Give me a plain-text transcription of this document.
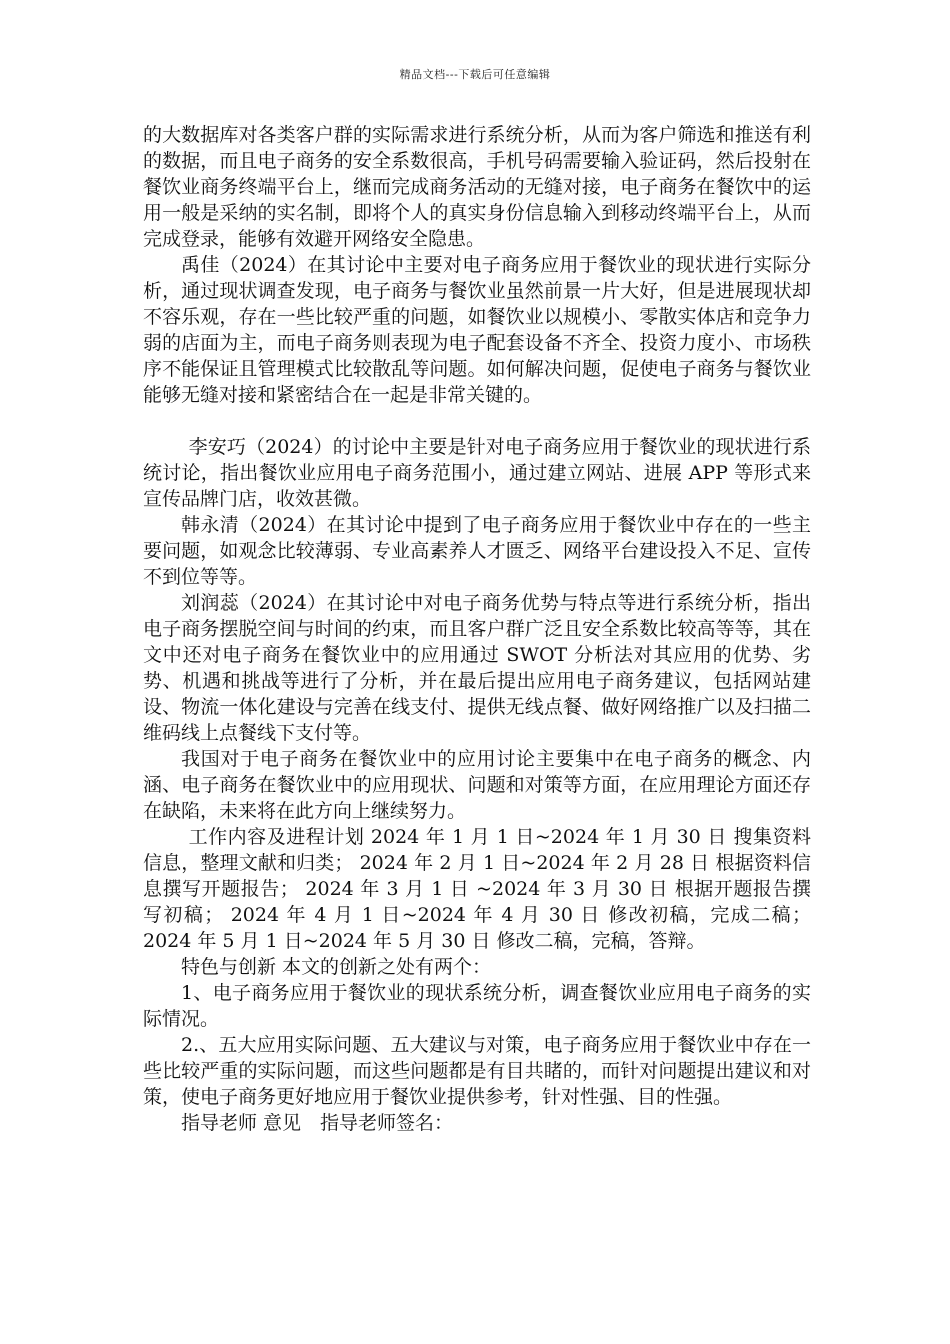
精品文档---下载后可任意编辑

的大数据库对各类客户群的实际需求进行系统分析，从而为客户筛选和推送有利的数据，而且电子商务的安全系数很高，手机号码需要输入验证码，然后投射在餐饮业商务终端平台上，继而完成商务活动的无缝对接，电子商务在餐饮中的运用一般是采纳的实名制，即将个人的真实身份信息输入到移动终端平台上，从而完成登录，能够有效避开网络安全隐患。

禹佳（2024）在其讨论中主要对电子商务应用于餐饮业的现状进行实际分析，通过现状调查发现，电子商务与餐饮业虽然前景一片大好，但是进展现状却不容乐观，存在一些比较严重的问题，如餐饮业以规模小、零散实体店和竞争力弱的店面为主，而电子商务则表现为电子配套设备不齐全、投资力度小、市场秩序不能保证且管理模式比较散乱等问题。如何解决问题，促使电子商务与餐饮业能够无缝对接和紧密结合在一起是非常关键的。

李安巧（2024）的讨论中主要是针对电子商务应用于餐饮业的现状进行系统讨论，指出餐饮业应用电子商务范围小，通过建立网站、进展 APP 等形式来宣传品牌门店，收效甚微。

韩永清（2024）在其讨论中提到了电子商务应用于餐饮业中存在的一些主要问题，如观念比较薄弱、专业高素养人才匮乏、网络平台建设投入不足、宣传不到位等等。

刘润蕊（2024）在其讨论中对电子商务优势与特点等进行系统分析，指出电子商务摆脱空间与时间的约束，而且客户群广泛且安全系数比较高等等，其在文中还对电子商务在餐饮业中的应用通过 SWOT 分析法对其应用的优势、劣势、机遇和挑战等进行了分析，并在最后提出应用电子商务建议，包括网站建设、物流一体化建设与完善在线支付、提供无线点餐、做好网络推广以及扫描二维码线上点餐线下支付等。

我国对于电子商务在餐饮业中的应用讨论主要集中在电子商务的概念、内涵、电子商务在餐饮业中的应用现状、问题和对策等方面，在应用理论方面还存在缺陷，未来将在此方向上继续努力。

工作内容及进程计划 2024 年 1 月 1 日~2024 年 1 月 30 日 搜集资料信息，整理文献和归类； 2024 年 2 月 1 日~2024 年 2 月 28 日 根据资料信息撰写开题报告； 2024 年 3 月 1 日 ~2024 年 3 月 30 日 根据开题报告撰写初稿； 2024 年 4 月 1 日~2024 年 4 月 30 日 修改初稿，完成二稿； 2024 年 5 月 1 日~2024 年 5 月 30 日 修改二稿，完稿，答辩。

特色与创新 本文的创新之处有两个：

1、电子商务应用于餐饮业的现状系统分析，调查餐饮业应用电子商务的实际情况。

2.、五大应用实际问题、五大建议与对策，电子商务应用于餐饮业中存在一些比较严重的实际问题，而这些问题都是有目共睹的，而针对问题提出建议和对策，使电子商务更好地应用于餐饮业提供参考，针对性强、目的性强。

指导老师 意见　指导老师签名：
